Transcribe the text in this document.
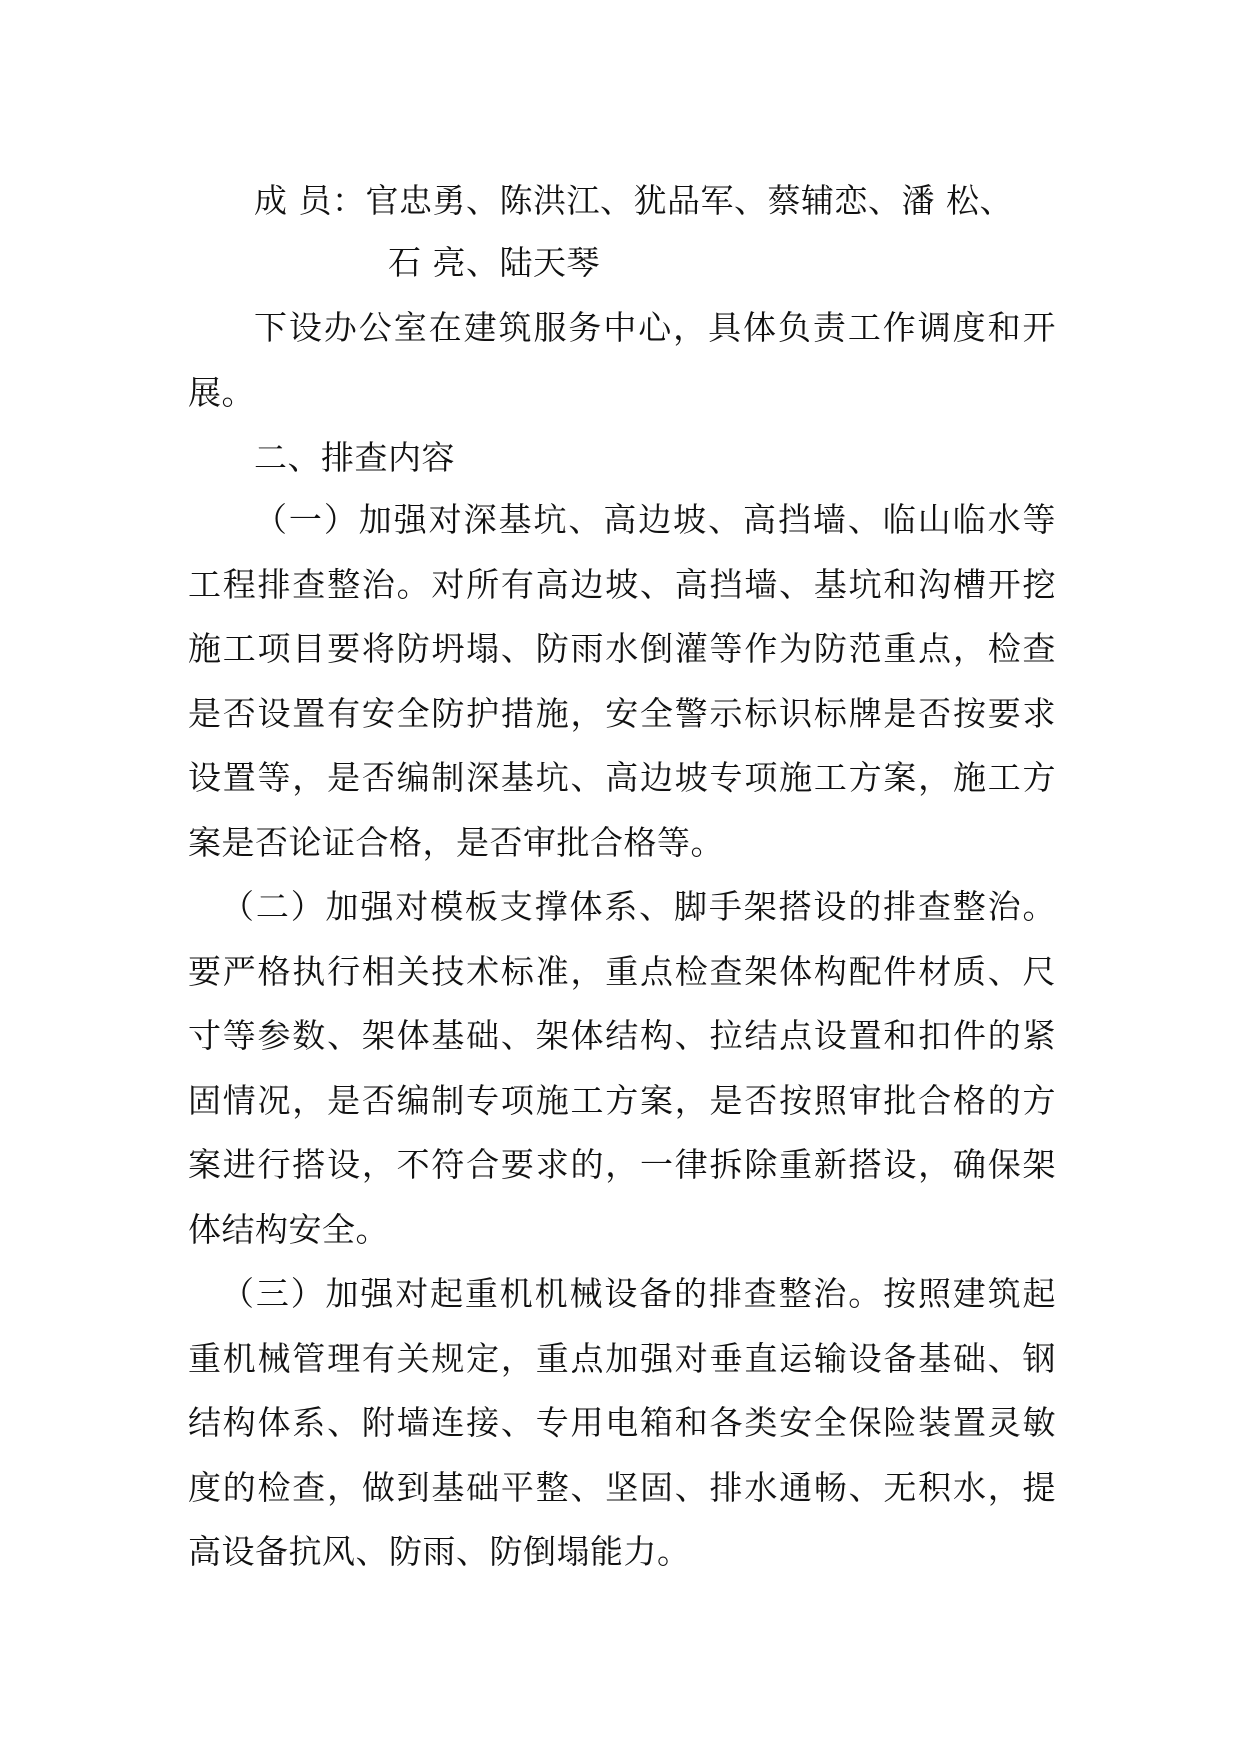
成 员：官忠勇、陈洪江、犹品军、蔡辅恋、潘 松、
石 亮、陆天琴

下设办公室在建筑服务中心，具体负责工作调度和开展。

二、排查内容

（一）加强对深基坑、高边坡、高挡墙、临山临水等工程排查整治。对所有高边坡、高挡墙、基坑和沟槽开挖施工项目要将防坍塌、防雨水倒灌等作为防范重点，检查是否设置有安全防护措施，安全警示标识标牌是否按要求设置等，是否编制深基坑、高边坡专项施工方案，施工方案是否论证合格，是否审批合格等。

（二）加强对模板支撑体系、脚手架搭设的排查整治。要严格执行相关技术标准，重点检查架体构配件材质、尺寸等参数、架体基础、架体结构、拉结点设置和扣件的紧固情况，是否编制专项施工方案，是否按照审批合格的方案进行搭设，不符合要求的，一律拆除重新搭设，确保架体结构安全。

（三）加强对起重机机械设备的排查整治。按照建筑起重机械管理有关规定，重点加强对垂直运输设备基础、钢结构体系、附墙连接、专用电箱和各类安全保险装置灵敏度的检查，做到基础平整、坚固、排水通畅、无积水，提高设备抗风、防雨、防倒塌能力。
